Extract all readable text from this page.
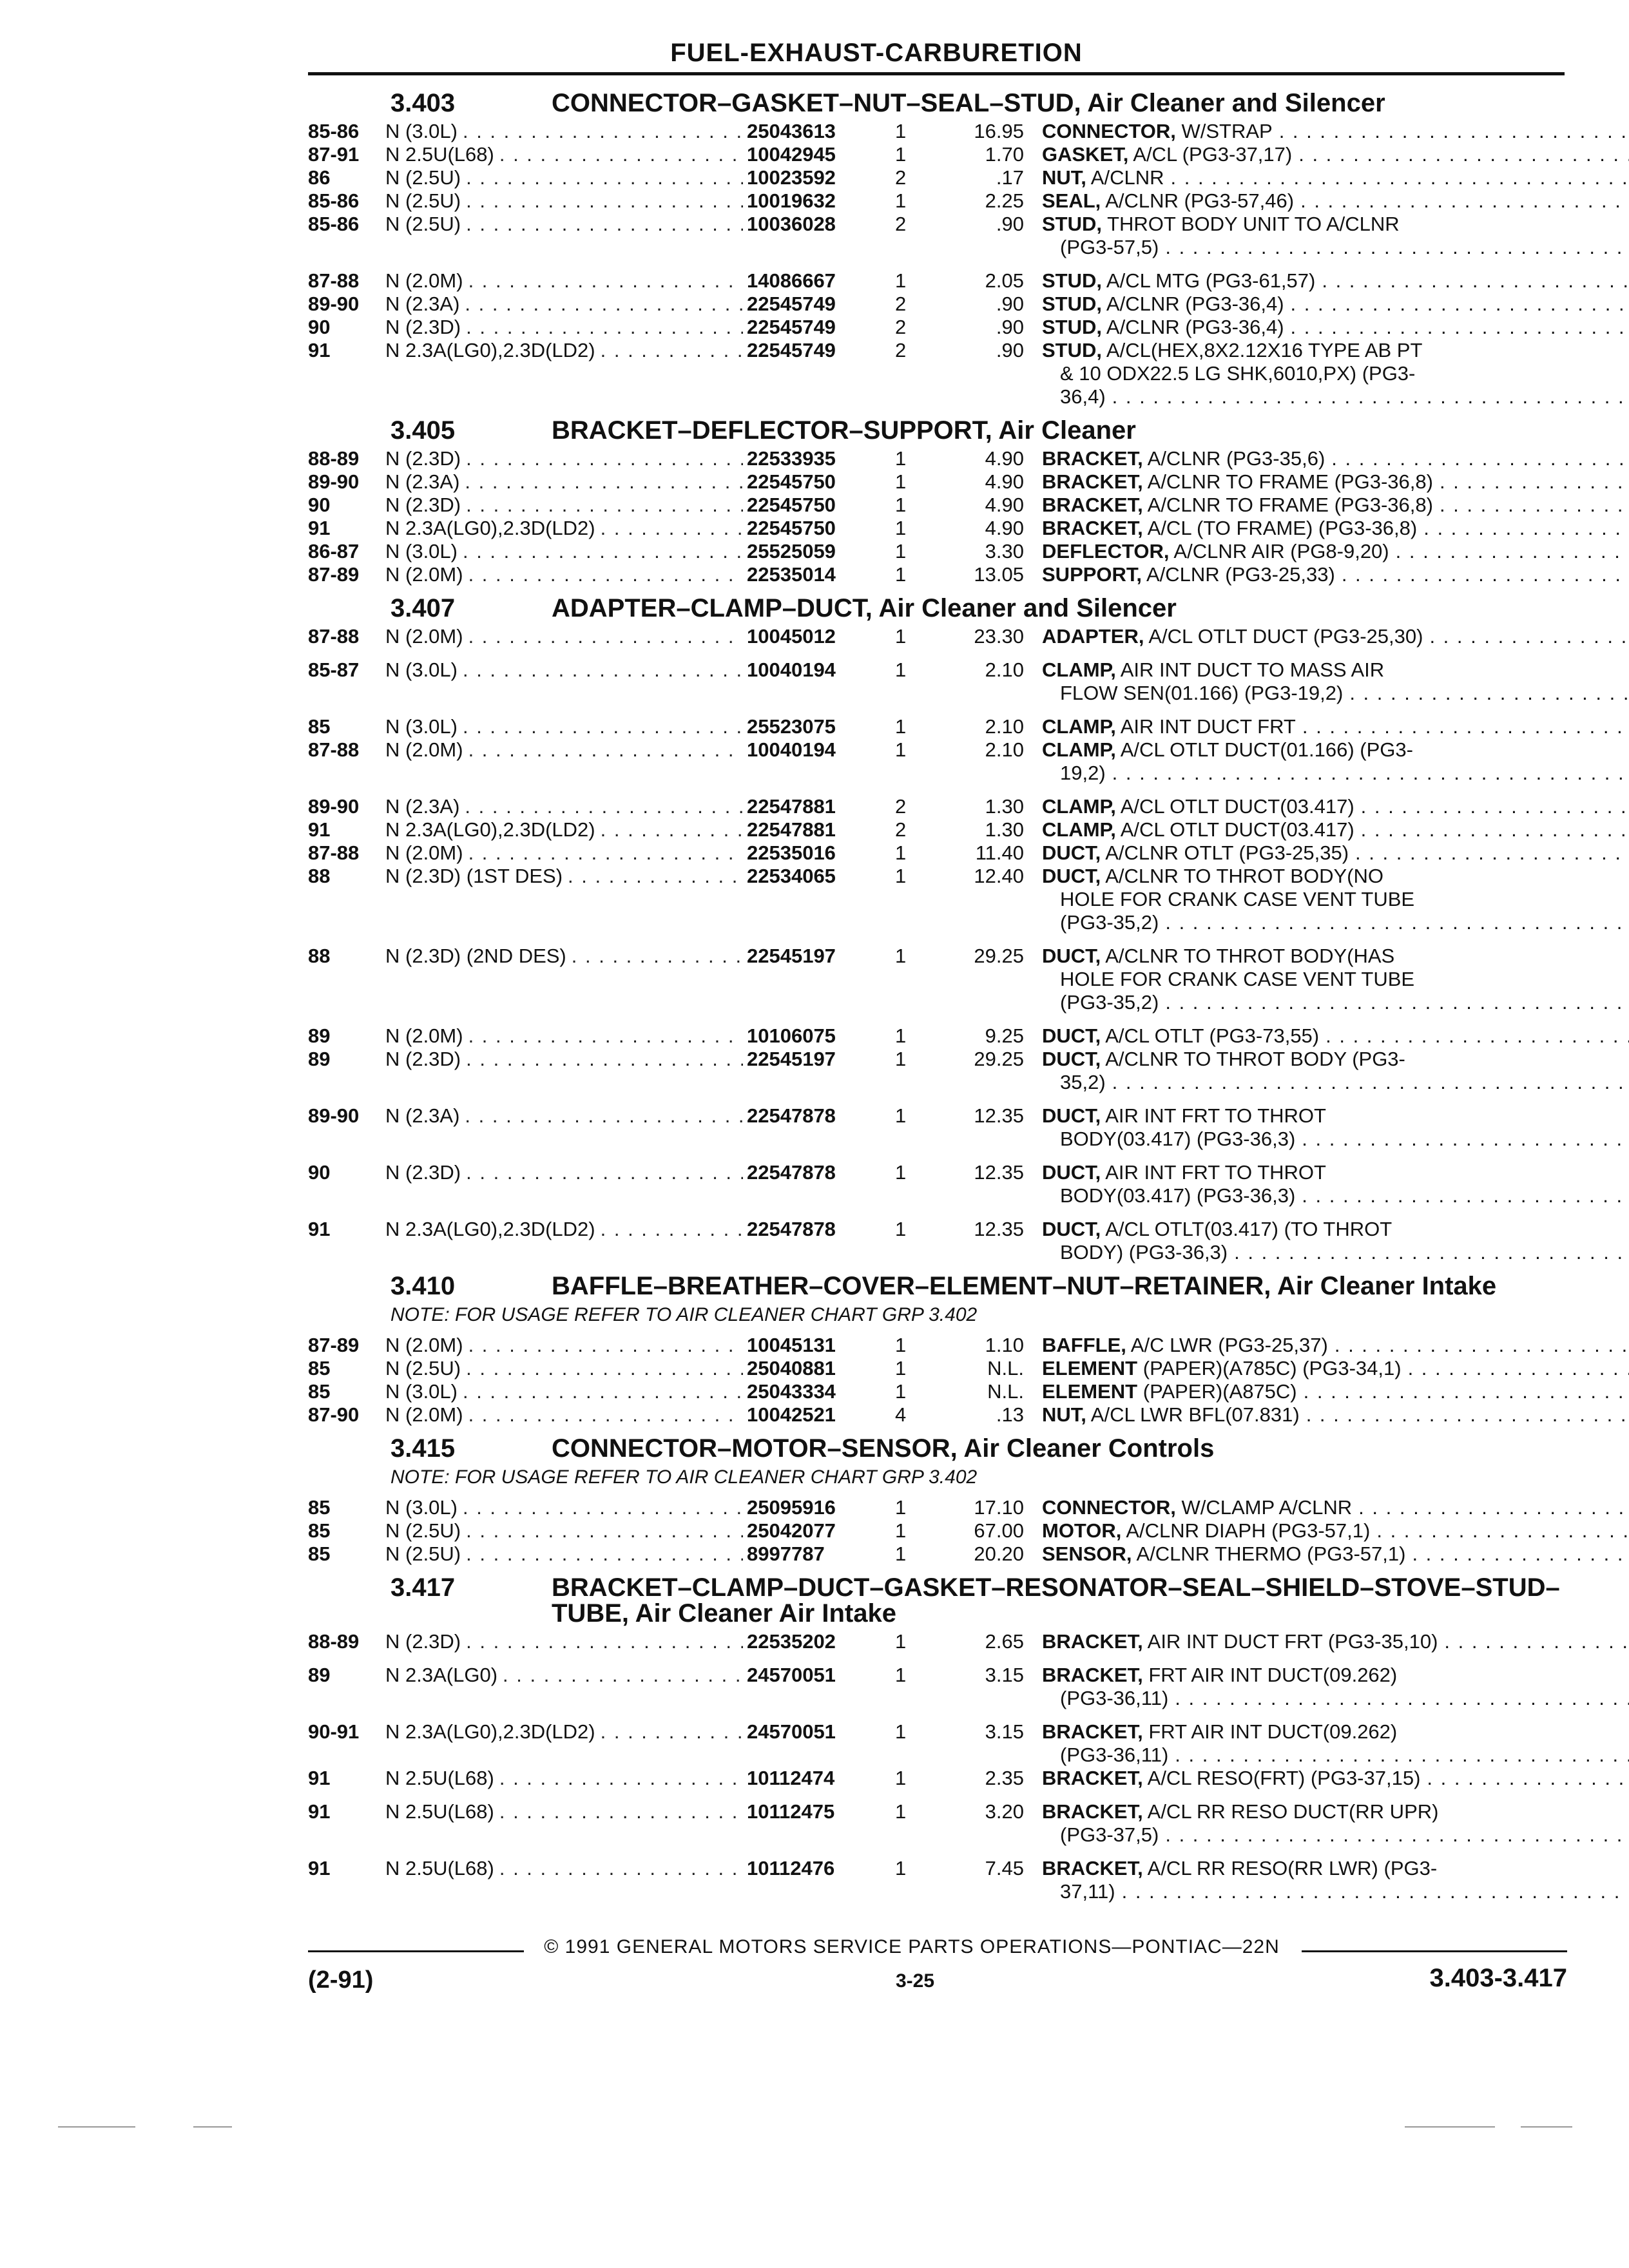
FUEL-EXHAUST-CARBURETION
3.403	CONNECTOR–GASKET–NUT–SEAL–STUD, Air Cleaner and Silencer
85-86	N (3.0L) . . .	25043613	1	16.95 CONNECTOR, W/STRAP
. . .
87-91	N 2.5U(L68) . . .	10042945	1	1.70 GASKET, A/CL (PG3-37,17)
. . .
86	N (2.5U) . . .	10023592	2	.17 NUT, A/CLNR
. . .
85-86	N (2.5U) . . .	10019632	1	2.25 SEAL, A/CLNR (PG3-57,46)
. . .
85-86	N (2.5U) . . .	10036028	2	.90 STUD, THROT BODY UNIT TO A/CLNR
(PG3-57,5)
. . .
87-88	N (2.0M) . . .	14086667	1	2.05 STUD, A/CL MTG (PG3-61,57)
. . .
89-90	N (2.3A) . . .	22545749	2	.90 STUD, A/CLNR (PG3-36,4)
. . .
90	N (2.3D) . . .	22545749	2	.90 STUD, A/CLNR (PG3-36,4)
. . .
91	N 2.3A(LG0),2.3D(LD2) . . .	22545749	2	.90 STUD, A/CL(HEX,8X2.12X16 TYPE AB PT
& 10 ODX22.5 LG SHK,6010,PX) (PG3-
36,4)
. . .
3.405	BRACKET–DEFLECTOR–SUPPORT, Air Cleaner
88-89	N (2.3D) . . .	22533935	1	4.90 BRACKET, A/CLNR (PG3-35,6)
. . .
89-90	N (2.3A) . . .	22545750	1	4.90 BRACKET, A/CLNR TO FRAME (PG3-36,8)
. . .
90	N (2.3D) . . .	22545750	1	4.90 BRACKET, A/CLNR TO FRAME (PG3-36,8)
. . .
91	N 2.3A(LG0),2.3D(LD2) . . .	22545750	1	4.90 BRACKET, A/CL (TO FRAME) (PG3-36,8)
. . .
86-87	N (3.0L) . . .	25525059	1	3.30 DEFLECTOR, A/CLNR AIR (PG8-9,20)
. . .
87-89	N (2.0M) . . .	22535014	1	13.05 SUPPORT, A/CLNR (PG3-25,33)
. . .
3.407	ADAPTER–CLAMP–DUCT, Air Cleaner and Silencer
87-88	N (2.0M) . . .	10045012	1	23.30 ADAPTER, A/CL OTLT DUCT (PG3-25,30)
. . .
85-87	N (3.0L) . . .	10040194	1	2.10 CLAMP, AIR INT DUCT TO MASS AIR
FLOW SEN(01.166) (PG3-19,2)
. . .
85	N (3.0L) . . .	25523075	1	2.10 CLAMP, AIR INT DUCT FRT
. . .
87-88	N (2.0M) . . .	10040194	1	2.10 CLAMP, A/CL OTLT DUCT(01.166) (PG3-
19,2)
. . .
89-90	N (2.3A) . . .	22547881	2	1.30 CLAMP, A/CL OTLT DUCT(03.417)
. . .
91	N 2.3A(LG0),2.3D(LD2) . . .	22547881	2	1.30 CLAMP, A/CL OTLT DUCT(03.417)
. . .
87-88	N (2.0M) . . .	22535016	1	11.40 DUCT, A/CLNR OTLT (PG3-25,35)
. . .
88	N (2.3D) (1ST DES) . . .	22534065	1	12.40 DUCT, A/CLNR TO THROT BODY(NO
HOLE FOR CRANK CASE VENT TUBE
(PG3-35,2)
. . .
88	N (2.3D) (2ND DES) . . .	22545197	1	29.25 DUCT, A/CLNR TO THROT BODY(HAS
HOLE FOR CRANK CASE VENT TUBE
(PG3-35,2)
. . .
89	N (2.0M) . . .	10106075	1	9.25 DUCT, A/CL OTLT (PG3-73,55)
. . .
89	N (2.3D) . . .	22545197	1	29.25 DUCT, A/CLNR TO THROT BODY (PG3-
35,2)
. . .
89-90	N (2.3A) . . .	22547878	1	12.35 DUCT, AIR INT FRT TO THROT
BODY(03.417) (PG3-36,3)
. . .
90	N (2.3D) . . .	22547878	1	12.35 DUCT, AIR INT FRT TO THROT
BODY(03.417) (PG3-36,3)
. . .
91	N 2.3A(LG0),2.3D(LD2) . . .	22547878	1	12.35 DUCT, A/CL OTLT(03.417) (TO THROT
BODY) (PG3-36,3)
. . .
3.410	BAFFLE–BREATHER–COVER–ELEMENT–NUT–RETAINER, Air Cleaner Intake
NOTE: FOR USAGE REFER TO AIR CLEANER CHART GRP 3.402
87-89	N (2.0M) . . .	10045131	1	1.10 BAFFLE, A/C LWR (PG3-25,37)
. . .
85	N (2.5U) . . .	25040881	1	N.L. ELEMENT (PAPER)(A785C) (PG3-34,1)
. . .
85	N (3.0L) . . .	25043334	1	N.L. ELEMENT (PAPER)(A875C)
. . .
87-90	N (2.0M) . . .	10042521	4	.13 NUT, A/CL LWR BFL(07.831)
. . .
3.415	CONNECTOR–MOTOR–SENSOR, Air Cleaner Controls
NOTE: FOR USAGE REFER TO AIR CLEANER CHART GRP 3.402
85	N (3.0L) . . .	25095916	1	17.10 CONNECTOR, W/CLAMP A/CLNR
. . .
85	N (2.5U) . . .	25042077	1	67.00 MOTOR, A/CLNR DIAPH (PG3-57,1)
. . .
85	N (2.5U) . . .	8997787	1	20.20 SENSOR, A/CLNR THERMO (PG3-57,1)
. . .
3.417	BRACKET–CLAMP–DUCT–GASKET–RESONATOR–SEAL–SHIELD–STOVE–STUD–TUBE, Air Cleaner Air Intake
88-89	N (2.3D) . . .	22535202	1	2.65 BRACKET, AIR INT DUCT FRT (PG3-35,10)
. . .
89	N 2.3A(LG0) . . .	24570051	1	3.15 BRACKET, FRT AIR INT DUCT(09.262)
(PG3-36,11)
. . .
90-91	N 2.3A(LG0),2.3D(LD2) . . .	24570051	1	3.15 BRACKET, FRT AIR INT DUCT(09.262)
(PG3-36,11)
. . .
91	N 2.5U(L68) . . .	10112474	1	2.35 BRACKET, A/CL RESO(FRT) (PG3-37,15)
. . .
91	N 2.5U(L68) . . .	10112475	1	3.20 BRACKET, A/CL RR RESO DUCT(RR UPR)
(PG3-37,5)
. . .
91	N 2.5U(L68) . . .	10112476	1	7.45 BRACKET, A/CL RR RESO(RR LWR) (PG3-
37,11)
. . .
© 1991 GENERAL MOTORS SERVICE PARTS OPERATIONS—PONTIAC—22N
(2-91)	3-25	3.403-3.417
